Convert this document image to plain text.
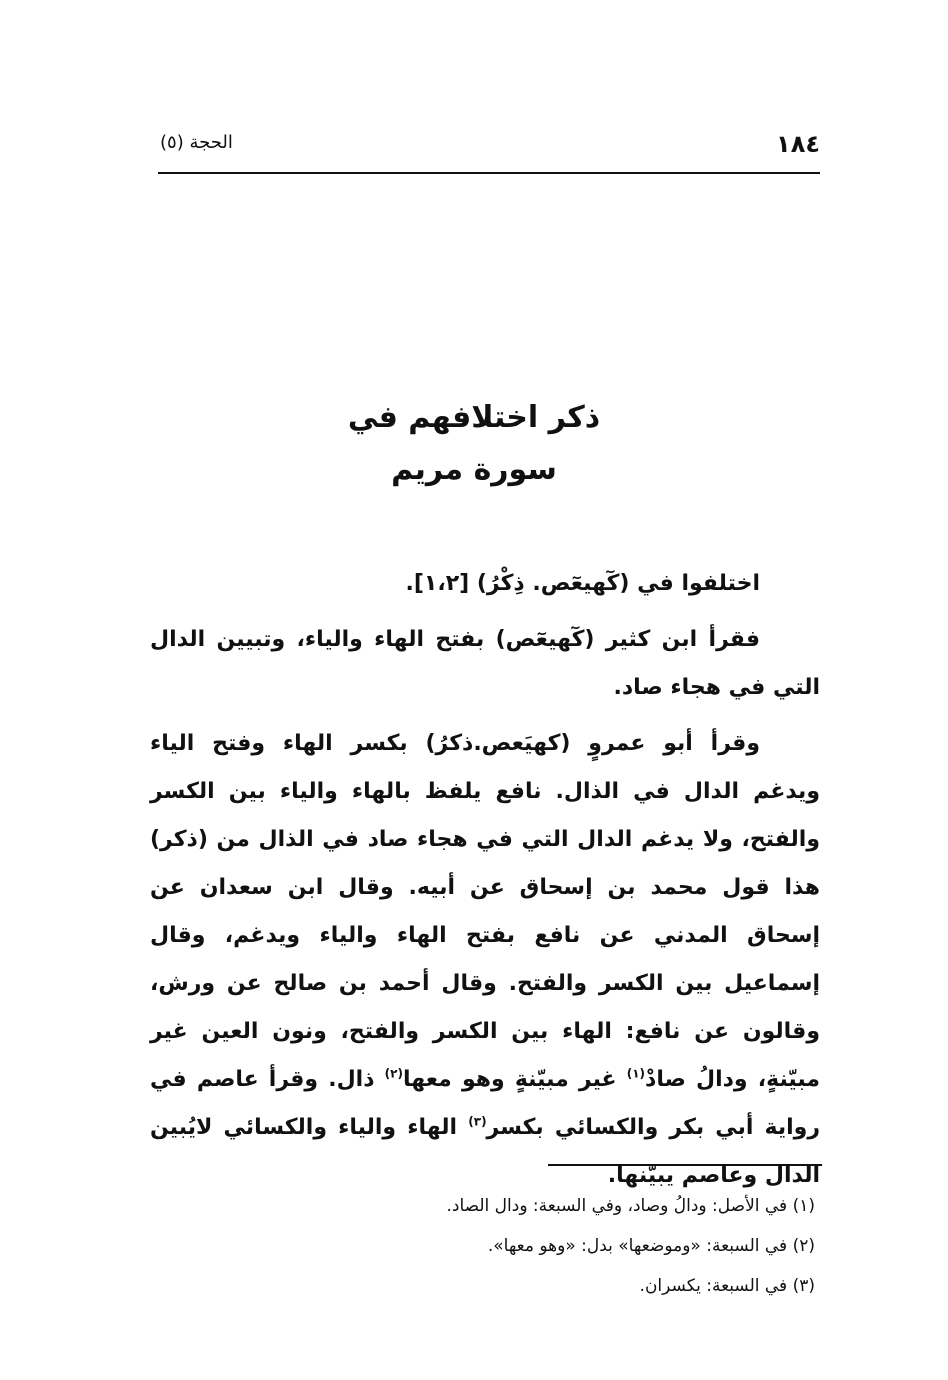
١٨٤
الحجة (٥)
ذكر اختلافهم في
سورة مريم

اختلفوا في (كٓهيعٓص. ذِكْرُ) [١،٢].

فقرأ ابن كثير (كٓهيعٓص) بفتح الهاء والياء، وتبيين الدال التي في هجاء صاد.

وقرأ أبو عمروٍ (كهيَعص.ذكرُ) بكسر الهاء وفتح الياء ويدغم الدال في الذال. نافع يلفظ بالهاء والياء بين الكسر والفتح، ولا يدغم الدال التي في هجاء صاد في الذال من (ذكر) هذا قول محمد بن إسحاق عن أبيه. وقال ابن سعدان عن إسحاق المدني عن نافع بفتح الهاء والياء ويدغم، وقال إسماعيل بين الكسر والفتح. وقال أحمد بن صالح عن ورش، وقالون عن نافع: الهاء بين الكسر والفتح، ونون العين غير مبيّنةٍ، ودالُ صادْ$^{(١)}$ غير مبيّنةٍ وهو معها$^{(٢)}$ ذال. وقرأ عاصم في رواية أبي بكر والكسائي بكسر$^{(٣)}$ الهاء والياء والكسائي لايُبين الدال وعاصم يبيّنها.

(١) في الأصل: ودالُ وصاد، وفي السبعة: ودال الصاد.
(٢) في السبعة: «وموضعها» بدل: «وهو معها».
(٣) في السبعة: يكسران.
